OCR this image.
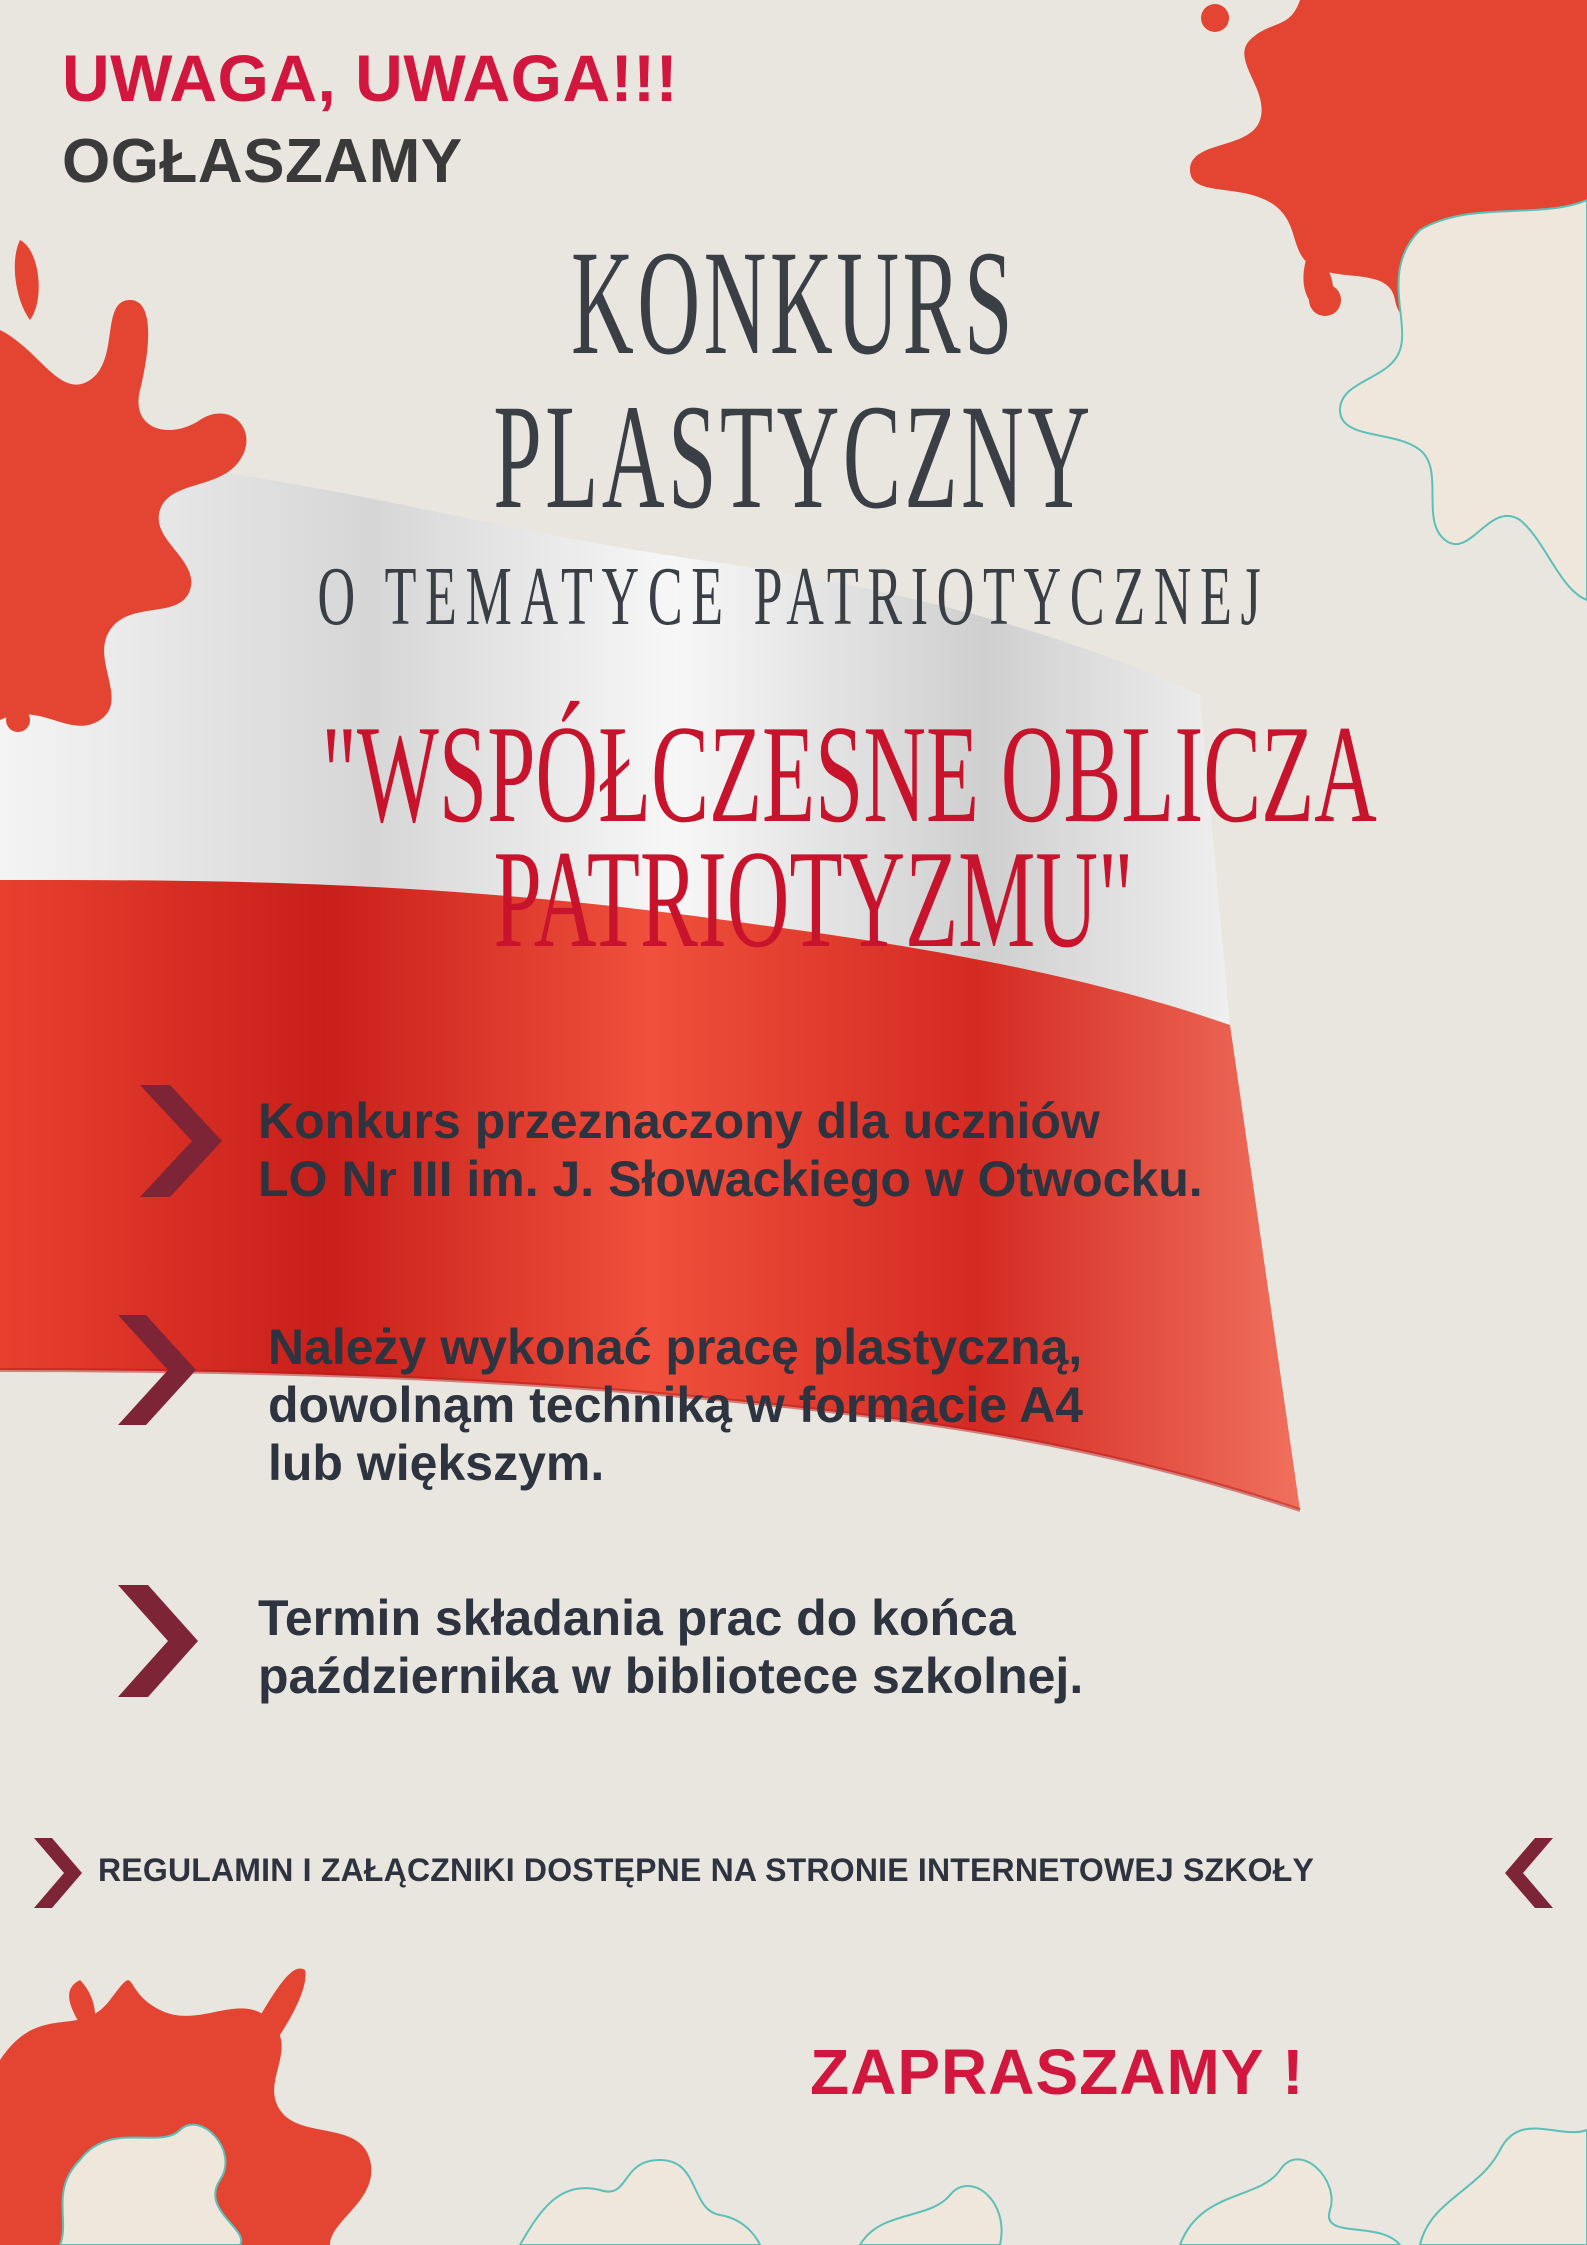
UWAGA, UWAGA!!!
OGŁASZAMY
KONKURS
PLASTYCZNY
O TEMATYCE PATRIOTYCZNEJ
"WSPÓŁCZESNE OBLICZA
PATRIOTYZMU"
Konkurs przeznaczony dla uczniów
LO Nr III im. J. Słowackiego w Otwocku.
Należy wykonać pracę plastyczną,
dowolnąm techniką w formacie A4
lub większym.
Termin składania prac do końca
października w bibliotece szkolnej.
REGULAMIN I ZAŁĄCZNIKI DOSTĘPNE NA STRONIE INTERNETOWEJ SZKOŁY
ZAPRASZAMY !
